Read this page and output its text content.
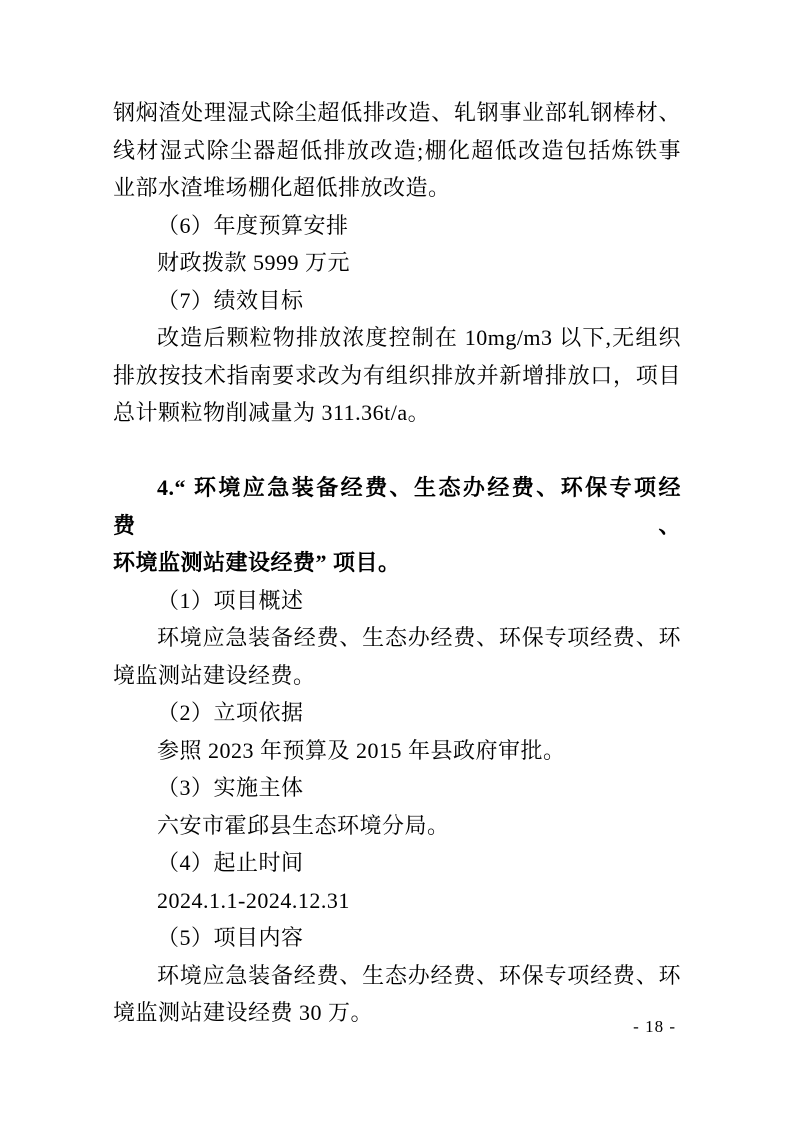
钢焖渣处理湿式除尘超低排改造、轧钢事业部轧钢棒材、

线材湿式除尘器超低排放改造;棚化超低改造包括炼铁事

业部水渣堆场棚化超低排放改造。

（6）年度预算安排

财政拨款 5999 万元

（7）绩效目标

改造后颗粒物排放浓度控制在 10mg/m3 以下,无组织

排放按技术指南要求改为有组织排放并新增排放口，项目

总计颗粒物削减量为 311.36t/a。

4.“ 环境应急装备经费、生态办经费、环保专项经费、

环境监测站建设经费” 项目。

（1）项目概述

环境应急装备经费、生态办经费、环保专项经费、环

境监测站建设经费。

（2）立项依据

参照 2023 年预算及 2015 年县政府审批。

（3）实施主体

六安市霍邱县生态环境分局。

（4）起止时间

2024.1.1-2024.12.31

（5）项目内容

环境应急装备经费、生态办经费、环保专项经费、环

境监测站建设经费 30 万。

- 18 -
